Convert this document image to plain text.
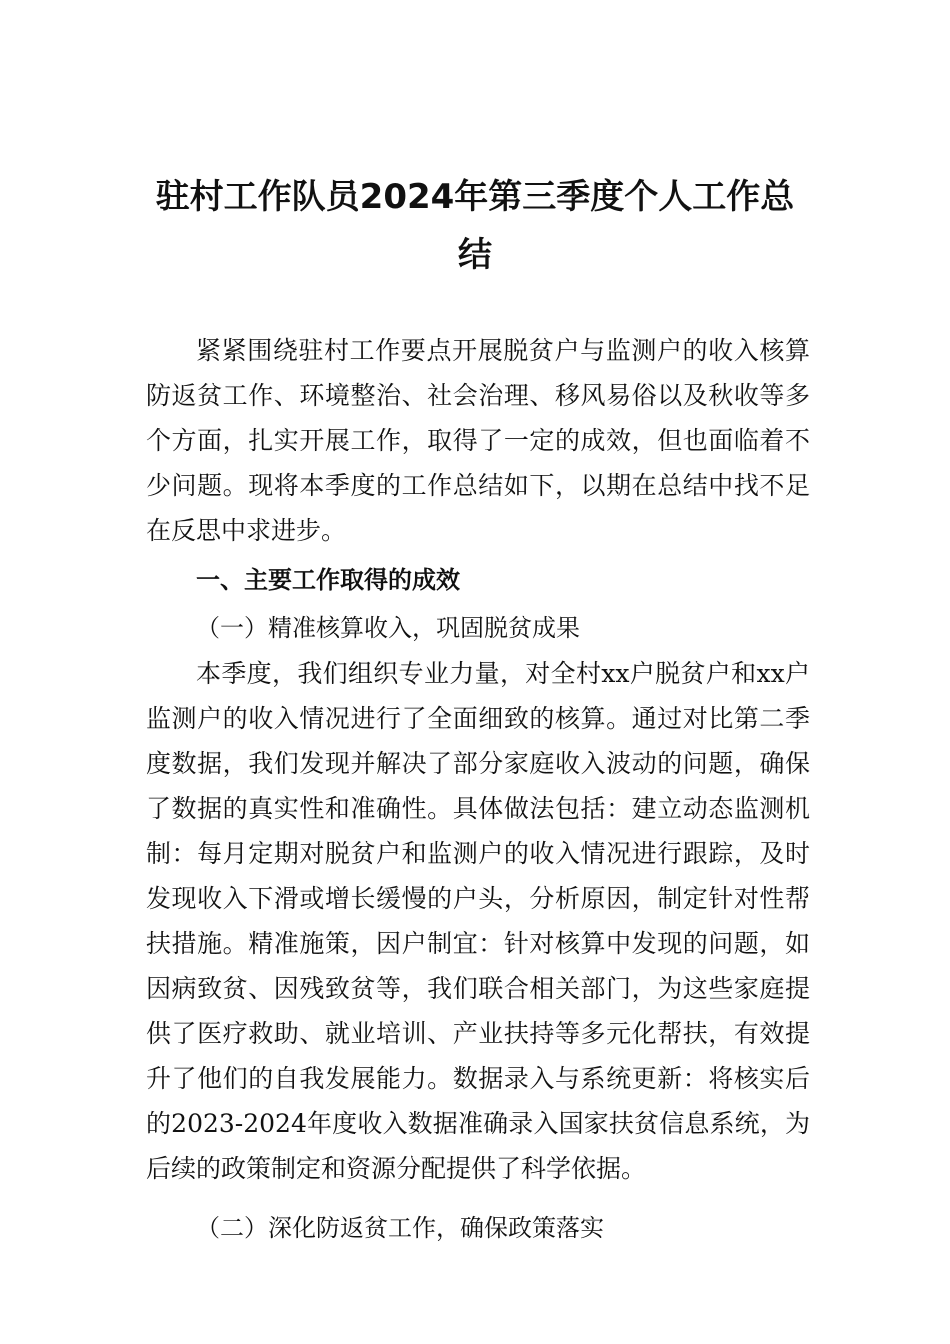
驻村工作队员2024年第三季度个人工作总结

紧紧围绕驻村工作要点开展脱贫户与监测户的收入核算防返贫工作、环境整治、社会治理、移风易俗以及秋收等多个方面，扎实开展工作，取得了一定的成效，但也面临着不少问题。现将本季度的工作总结如下，以期在总结中找不足在反思中求进步。

一、主要工作取得的成效

（一）精准核算收入，巩固脱贫成果

本季度，我们组织专业力量，对全村xx户脱贫户和xx户监测户的收入情况进行了全面细致的核算。通过对比第二季度数据，我们发现并解决了部分家庭收入波动的问题，确保了数据的真实性和准确性。具体做法包括：建立动态监测机制：每月定期对脱贫户和监测户的收入情况进行跟踪，及时发现收入下滑或增长缓慢的户头，分析原因，制定针对性帮扶措施。精准施策，因户制宜：针对核算中发现的问题，如因病致贫、因残致贫等，我们联合相关部门，为这些家庭提供了医疗救助、就业培训、产业扶持等多元化帮扶，有效提升了他们的自我发展能力。数据录入与系统更新：将核实后的2023-2024年度收入数据准确录入国家扶贫信息系统，为后续的政策制定和资源分配提供了科学依据。

（二）深化防返贫工作，确保政策落实
